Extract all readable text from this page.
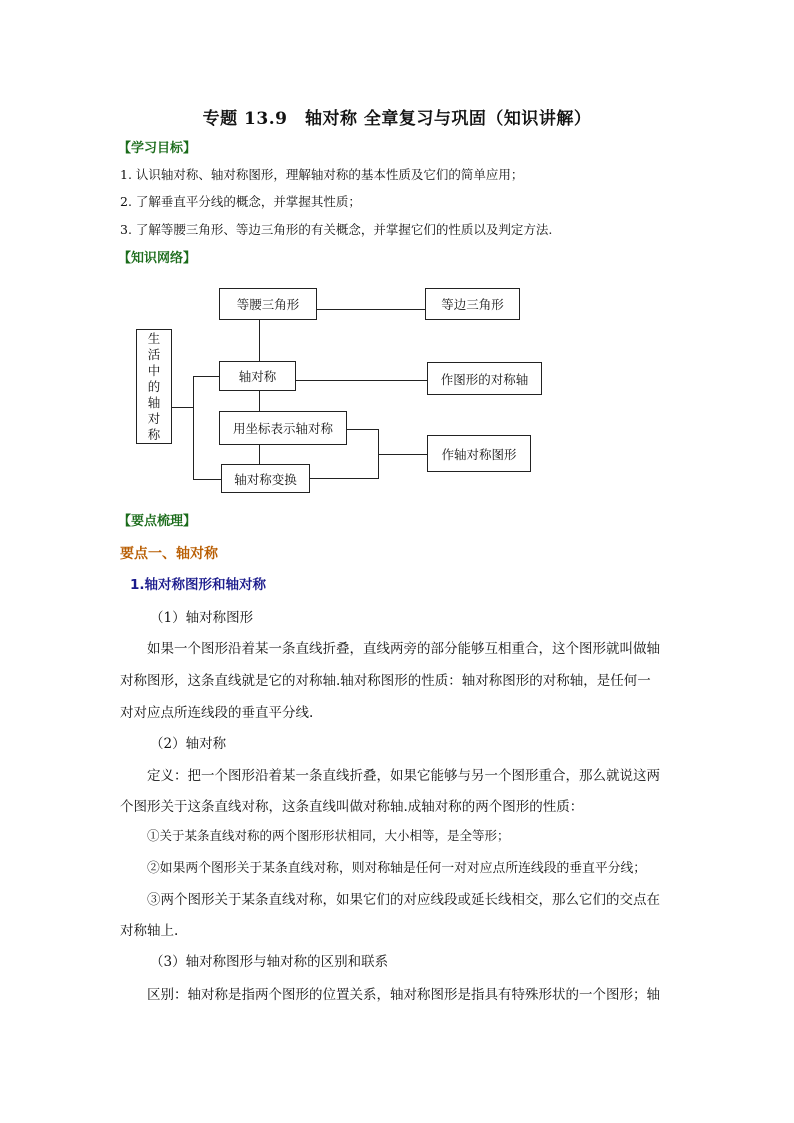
专题 13.9　轴对称 全章复习与巩固（知识讲解）
【学习目标】
1. 认识轴对称、轴对称图形，理解轴对称的基本性质及它们的简单应用；
2. 了解垂直平分线的概念，并掌握其性质；
3. 了解等腰三角形、等边三角形的有关概念，并掌握它们的性质以及判定方法.
【知识网络】
生
活
中
的
轴
对
称
等腰三角形	等边三角形
轴对称	作图形的对称轴
用坐标表示轴对称
作轴对称图形
轴对称变换
【要点梳理】
要点一、轴对称
1.轴对称图形和轴对称
（1）轴对称图形
如果一个图形沿着某一条直线折叠，直线两旁的部分能够互相重合，这个图形就叫做轴
对称图形，这条直线就是它的对称轴.轴对称图形的性质：轴对称图形的对称轴，是任何一
对对应点所连线段的垂直平分线.
（2）轴对称
定义：把一个图形沿着某一条直线折叠，如果它能够与另一个图形重合，那么就说这两
个图形关于这条直线对称，这条直线叫做对称轴.成轴对称的两个图形的性质：
①关于某条直线对称的两个图形形状相同，大小相等，是全等形；
②如果两个图形关于某条直线对称，则对称轴是任何一对对应点所连线段的垂直平分线；
③两个图形关于某条直线对称，如果它们的对应线段或延长线相交，那么它们的交点在
对称轴上.
（3）轴对称图形与轴对称的区别和联系
区别：轴对称是指两个图形的位置关系，轴对称图形是指具有特殊形状的一个图形；轴
